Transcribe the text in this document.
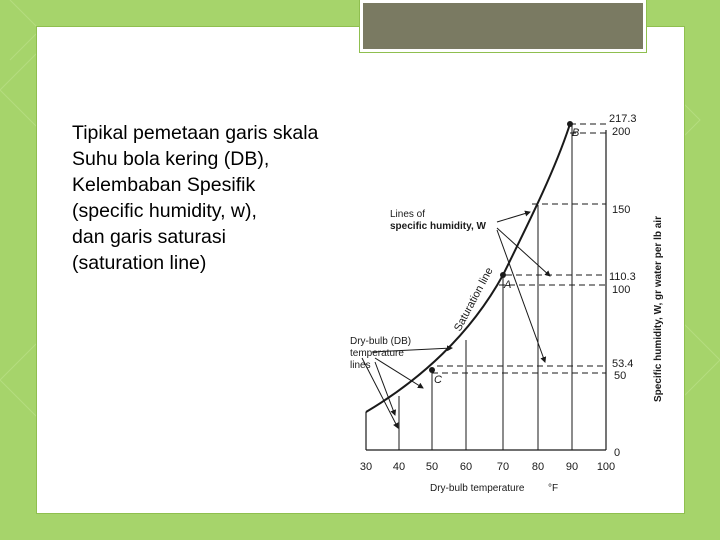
Tipikal pemetaan garis skala
Suhu bola kering (DB),
Kelembaban Spesifik
(specific humidity, w),
dan garis saturasi
(saturation line)
B
A
C
217.3
200
150
110.3
100
53.4
50
0
30 40 50 60 70 80 90 100
Dry-bulb temperature °F
Specific humidity, W, gr water per lb air
Saturation line
Lines of
specific humidity, W
Dry-bulb (DB)
temperature
lines
